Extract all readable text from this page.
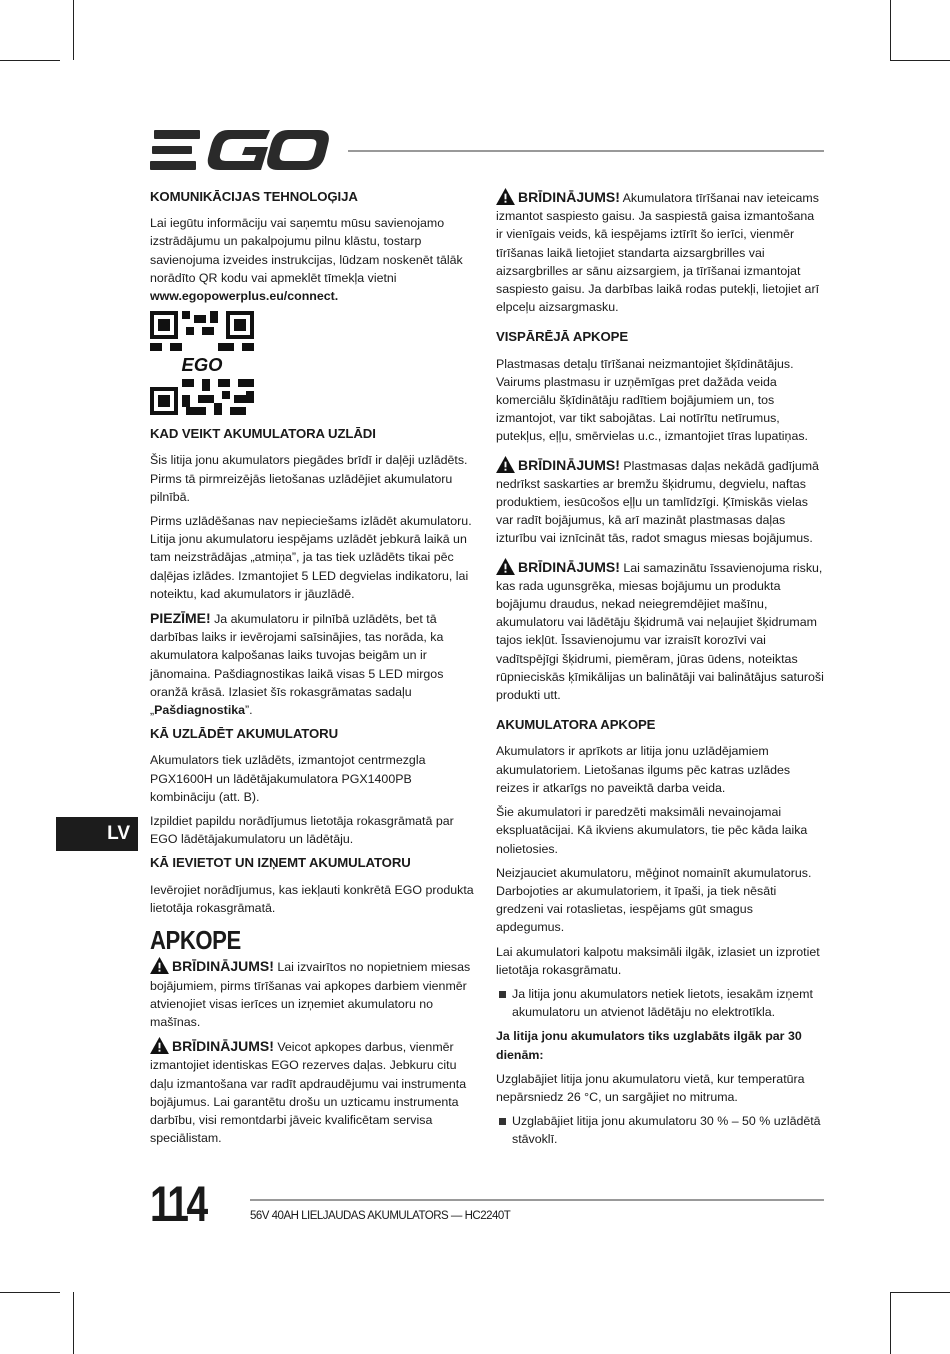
KOMUNIKĀCIJAS TEHNOLOĢIJA

Lai iegūtu informāciju vai saņemtu mūsu savienojamo izstrādājumu un pakalpojumu pilnu klāstu, tostarp savienojuma izveides instrukcijas, lūdzam noskenēt tālāk norādīto QR kodu vai apmeklēt tīmekļa vietni www.egopowerplus.eu/connect.

EGO
KAD VEIKT AKUMULATORA UZLĀDI

Šis litija jonu akumulators piegādes brīdī ir daļēji uzlādēts. Pirms tā pirmreizējās lietošanas uzlādējiet akumulatoru pilnībā.

Pirms uzlādēšanas nav nepieciešams izlādēt akumulatoru. Litija jonu akumulatoru iespējams uzlādēt jebkurā laikā un tam neizstrādājas „atmiņa”, ja tas tiek uzlādēts tikai pēc daļējas izlādes. Izmantojiet 5 LED degvielas indikatoru, lai noteiktu, kad akumulators ir jāuzlādē.

PIEZĪME! Ja akumulatoru ir pilnībā uzlādēts, bet tā darbības laiks ir ievērojami saīsinājies, tas norāda, ka akumulatora kalpošanas laiks tuvojas beigām un ir jānomaina. Pašdiagnostikas laikā visas 5 LED mirgos oranžā krāsā. Izlasiet šīs rokasgrāmatas sadaļu „Pašdiagnostika”.

KĀ UZLĀDĒT AKUMULATORU

Akumulators tiek uzlādēts, izmantojot centrmezgla PGX1600H un lādētājakumulatora PGX1400PB kombināciju (att. B).

Izpildiet papildu norādījumus lietotāja rokasgrāmatā par EGO lādētājakumulatoru un lādētāju.

KĀ IEVIETOT UN IZŅEMT AKUMULATORU

Ievērojiet norādījumus, kas iekļauti konkrētā EGO produkta lietotāja rokasgrāmatā.

APKOPE

BRĪDINĀJUMS! Lai izvairītos no nopietniem miesas bojājumiem, pirms tīrīšanas vai apkopes darbiem vienmēr atvienojiet visas ierīces un izņemiet akumulatoru no mašīnas.

BRĪDINĀJUMS! Veicot apkopes darbus, vienmēr izmantojiet identiskas EGO rezerves daļas. Jebkuru citu daļu izmantošana var radīt apdraudējumu vai instrumenta bojājumus. Lai garantētu drošu un uzticamu instrumenta darbību, visi remontdarbi jāveic kvalificētam servisa speciālistam.

BRĪDINĀJUMS! Akumulatora tīrīšanai nav ieteicams izmantot saspiesto gaisu. Ja saspiestā gaisa izmantošana ir vienīgais veids, kā iespējams iztīrīt šo ierīci, vienmēr tīrīšanas laikā lietojiet standarta aizsargbrilles vai aizsargbrilles ar sānu aizsargiem, ja tīrīšanai izmantojat saspiesto gaisu. Ja darbības laikā rodas putekļi, lietojiet arī elpceļu aizsargmasku.

VISPĀRĒJĀ APKOPE

Plastmasas detaļu tīrīšanai neizmantojiet šķīdinātājus. Vairums plastmasu ir uzņēmīgas pret dažāda veida komerciālu šķīdinātāju radītiem bojājumiem un, tos izmantojot, var tikt sabojātas. Lai notīrītu netīrumus, putekļus, eļļu, smērvielas u.c., izmantojiet tīras lupatiņas.

BRĪDINĀJUMS! Plastmasas daļas nekādā gadījumā nedrīkst saskarties ar bremžu šķidrumu, degvielu, naftas produktiem, iesūcošos eļļu un tamlīdzīgi. Ķīmiskās vielas var radīt bojājumus, kā arī mazināt plastmasas daļas izturību vai iznīcināt tās, radot smagus miesas bojājumus.

BRĪDINĀJUMS! Lai samazinātu īssavienojuma risku, kas rada ugunsgrēka, miesas bojājumu un produkta bojājumu draudus, nekad neiegremdējiet mašīnu, akumulatoru vai lādētāju šķidrumā vai neļaujiet šķidrumam tajos iekļūt. Īssavienojumu var izraisīt korozīvi vai vadītspējīgi šķidrumi, piemēram, jūras ūdens, noteiktas rūpnieciskās ķīmikālijas un balinātāji vai balinātājus saturoši produkti utt.

AKUMULATORA APKOPE

Akumulators ir aprīkots ar litija jonu uzlādējamiem akumulatoriem. Lietošanas ilgums pēc katras uzlādes reizes ir atkarīgs no paveiktā darba veida.

Šie akumulatori ir paredzēti maksimāli nevainojamai ekspluatācijai. Kā ikviens akumulators, tie pēc kāda laika nolietosies.

Neizjauciet akumulatoru, mēģinot nomainīt akumulatorus. Darbojoties ar akumulatoriem, it īpaši, ja tiek nēsāti gredzeni vai rotaslietas, iespējams gūt smagus apdegumus.

Lai akumulatori kalpotu maksimāli ilgāk, izlasiet un izprotiet lietotāja rokasgrāmatu.

Ja litija jonu akumulators netiek lietots, iesakām izņemt akumulatoru un atvienot lādētāju no elektrotīkla.

Ja litija jonu akumulators tiks uzglabāts ilgāk par 30 dienām:

Uzglabājiet litija jonu akumulatoru vietā, kur temperatūra nepārsniedz 26 °C, un sargājiet no mitruma.

Uzglabājiet litija jonu akumulatoru 30 % – 50 % uzlādētā stāvoklī.
LV
114	56V 40AH LIELJAUDAS AKUMULATORS — HC2240T
